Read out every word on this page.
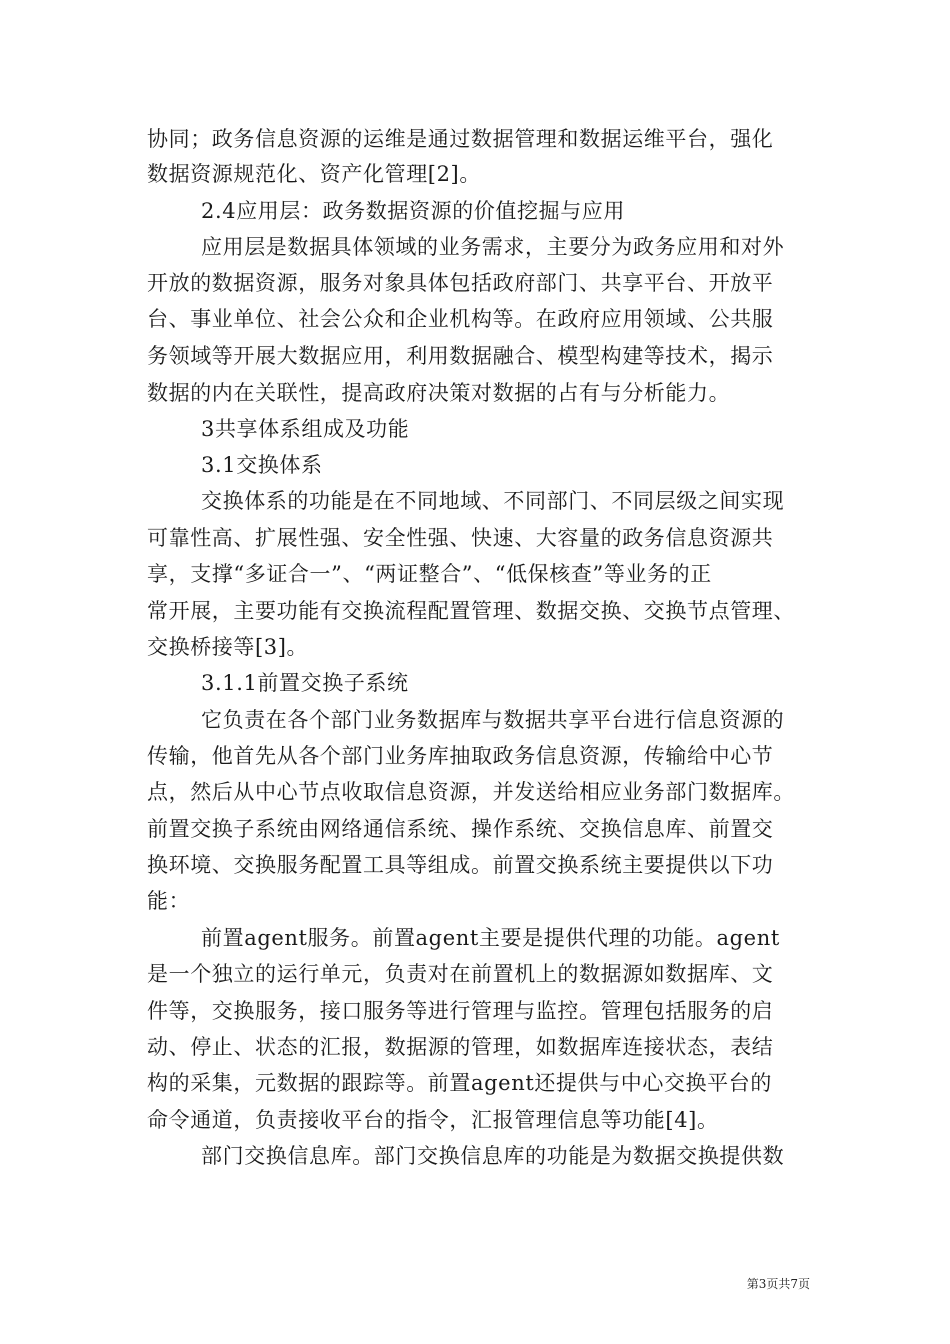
协同；政务信息资源的运维是通过数据管理和数据运维平台，强化
数据资源规范化、资产化管理[2]。
2.4应用层：政务数据资源的价值挖掘与应用
应用层是数据具体领域的业务需求，主要分为政务应用和对外
开放的数据资源，服务对象具体包括政府部门、共享平台、开放平
台、事业单位、社会公众和企业机构等。在政府应用领域、公共服
务领域等开展大数据应用，利用数据融合、模型构建等技术，揭示
数据的内在关联性，提高政府决策对数据的占有与分析能力。
3共享体系组成及功能
3.1交换体系
交换体系的功能是在不同地域、不同部门、不同层级之间实现
可靠性高、扩展性强、安全性强、快速、大容量的政务信息资源共
享，支撑“多证合一”、“两证整合”、“低保核查”等业务的正
常开展，主要功能有交换流程配置管理、数据交换、交换节点管理、
交换桥接等[3]。
3.1.1前置交换子系统
它负责在各个部门业务数据库与数据共享平台进行信息资源的
传输，他首先从各个部门业务库抽取政务信息资源，传输给中心节
点，然后从中心节点收取信息资源，并发送给相应业务部门数据库。
前置交换子系统由网络通信系统、操作系统、交换信息库、前置交
换环境、交换服务配置工具等组成。前置交换系统主要提供以下功
能：
前置agent服务。前置agent主要是提供代理的功能。agent
是一个独立的运行单元，负责对在前置机上的数据源如数据库、文
件等，交换服务，接口服务等进行管理与监控。管理包括服务的启
动、停止、状态的汇报，数据源的管理，如数据库连接状态，表结
构的采集，元数据的跟踪等。前置agent还提供与中心交换平台的
命令通道，负责接收平台的指令，汇报管理信息等功能[4]。
部门交换信息库。部门交换信息库的功能是为数据交换提供数
第3页共7页
